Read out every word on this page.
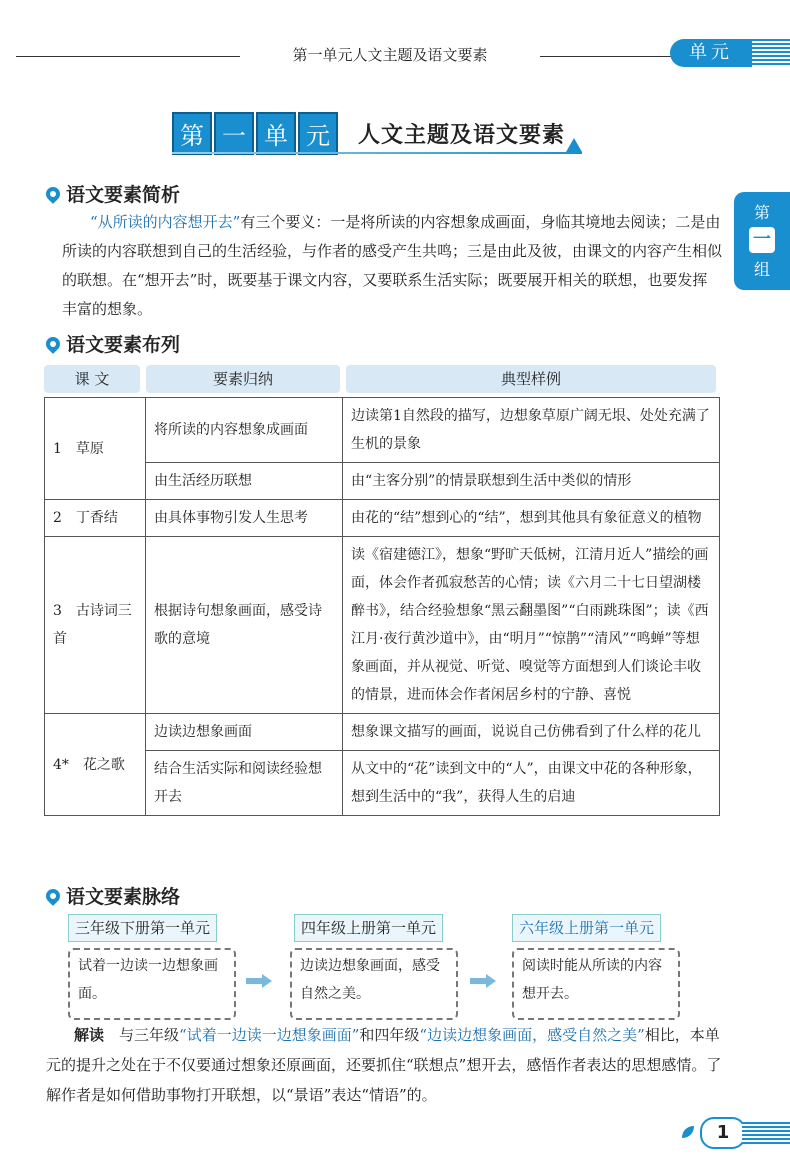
第一单元人文主题及语文要素	单元
第 一 单 元	人文主题及语文要素
第
一
组
语文要素简析
“从所读的内容想开去”有三个要义：一是将所读的内容想象成画面，身临其境地去阅读；二是由所读的内容联想到自己的生活经验，与作者的感受产生共鸣；三是由此及彼，由课文的内容产生相似的联想。在“想开去”时，既要基于课文内容，又要联系生活实际；既要展开相关的联想，也要发挥丰富的想象。
语文要素布列
课 文	要素归纳	典型样例
1　草原	将所读的内容想象成画面	边读第1自然段的描写，边想象草原广阔无垠、处处充满了生机的景象
	由生活经历联想	由“主客分别”的情景联想到生活中类似的情形
2　丁香结	由具体事物引发人生思考	由花的“结”想到心的“结”，想到其他具有象征意义的植物
3　古诗词三首	根据诗句想象画面，感受诗歌的意境	读《宿建德江》，想象“野旷天低树，江清月近人”描绘的画面，体会作者孤寂愁苦的心情；读《六月二十七日望湖楼醉书》，结合经验想象“黑云翻墨图”“白雨跳珠图”；读《西江月·夜行黄沙道中》，由“明月”“惊鹊”“清风”“鸣蝉”等想象画面，并从视觉、听觉、嗅觉等方面想到人们谈论丰收的情景，进而体会作者闲居乡村的宁静、喜悦
4*　花之歌	边读边想象画面	想象课文描写的画面，说说自己仿佛看到了什么样的花儿
	结合生活实际和阅读经验想开去	从文中的“花”读到文中的“人”，由课文中花的各种形象，想到生活中的“我”，获得人生的启迪
语文要素脉络
三年级下册第一单元	四年级上册第一单元	六年级上册第一单元
试着一边读一边想象画面。
边读边想象画面，感受自然之美。
阅读时能从所读的内容想开去。
解读　 与三年级“试着一边读一边想象画面”和四年级“边读边想象画面，感受自然之美”相比，本单元的提升之处在于不仅要通过想象还原画面，还要抓住“联想点”想开去，感悟作者表达的思想感情。了解作者是如何借助事物打开联想，以“景语”表达“情语”的。
1
